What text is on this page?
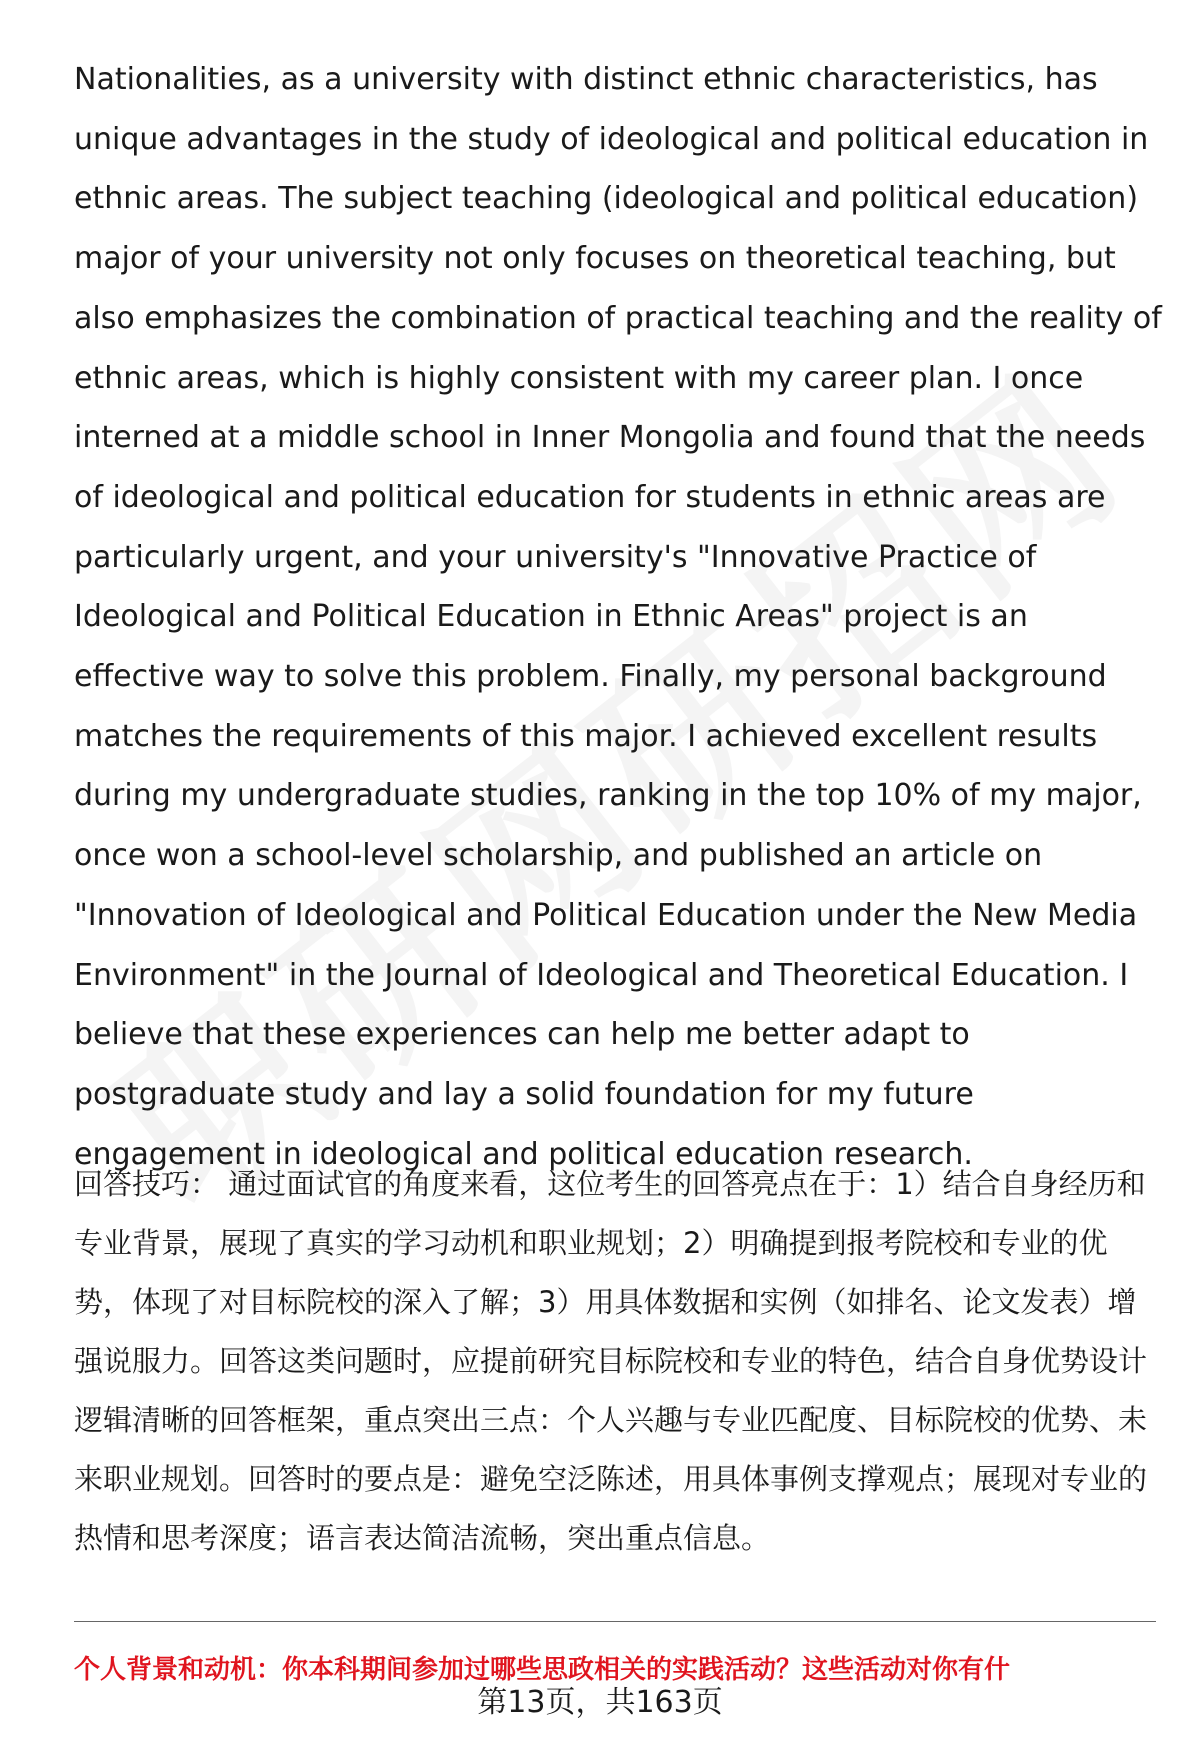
Nationalities, as a university with distinct ethnic characteristics, has unique advantages in the study of ideological and political education in ethnic areas. The subject teaching (ideological and political education) major of your university not only focuses on theoretical teaching, but also emphasizes the combination of practical teaching and the reality of ethnic areas, which is highly consistent with my career plan. I once interned at a middle school in Inner Mongolia and found that the needs of ideological and political education for students in ethnic areas are particularly urgent, and your university's "Innovative Practice of Ideological and Political Education in Ethnic Areas" project is an effective way to solve this problem. Finally, my personal background matches the requirements of this major. I achieved excellent results during my undergraduate studies, ranking in the top 10% of my major, once won a school-level scholarship, and published an article on "Innovation of Ideological and Political Education under the New Media Environment" in the Journal of Ideological and Theoretical Education. I believe that these experiences can help me better adapt to postgraduate study and lay a solid foundation for my future engagement in ideological and political education research.

回答技巧： 通过面试官的角度来看，这位考生的回答亮点在于：1）结合自身经历和专业背景，展现了真实的学习动机和职业规划；2）明确提到报考院校和专业的优势，体现了对目标院校的深入了解；3）用具体数据和实例（如排名、论文发表）增强说服力。回答这类问题时，应提前研究目标院校和专业的特色，结合自身优势设计逻辑清晰的回答框架，重点突出三点：个人兴趣与专业匹配度、目标院校的优势、未来职业规划。回答时的要点是：避免空泛陈述，用具体事例支撑观点；展现对专业的热情和思考深度；语言表达简洁流畅，突出重点信息。

个人背景和动机：你本科期间参加过哪些思政相关的实践活动？这些活动对你有什
第13页，共163页
